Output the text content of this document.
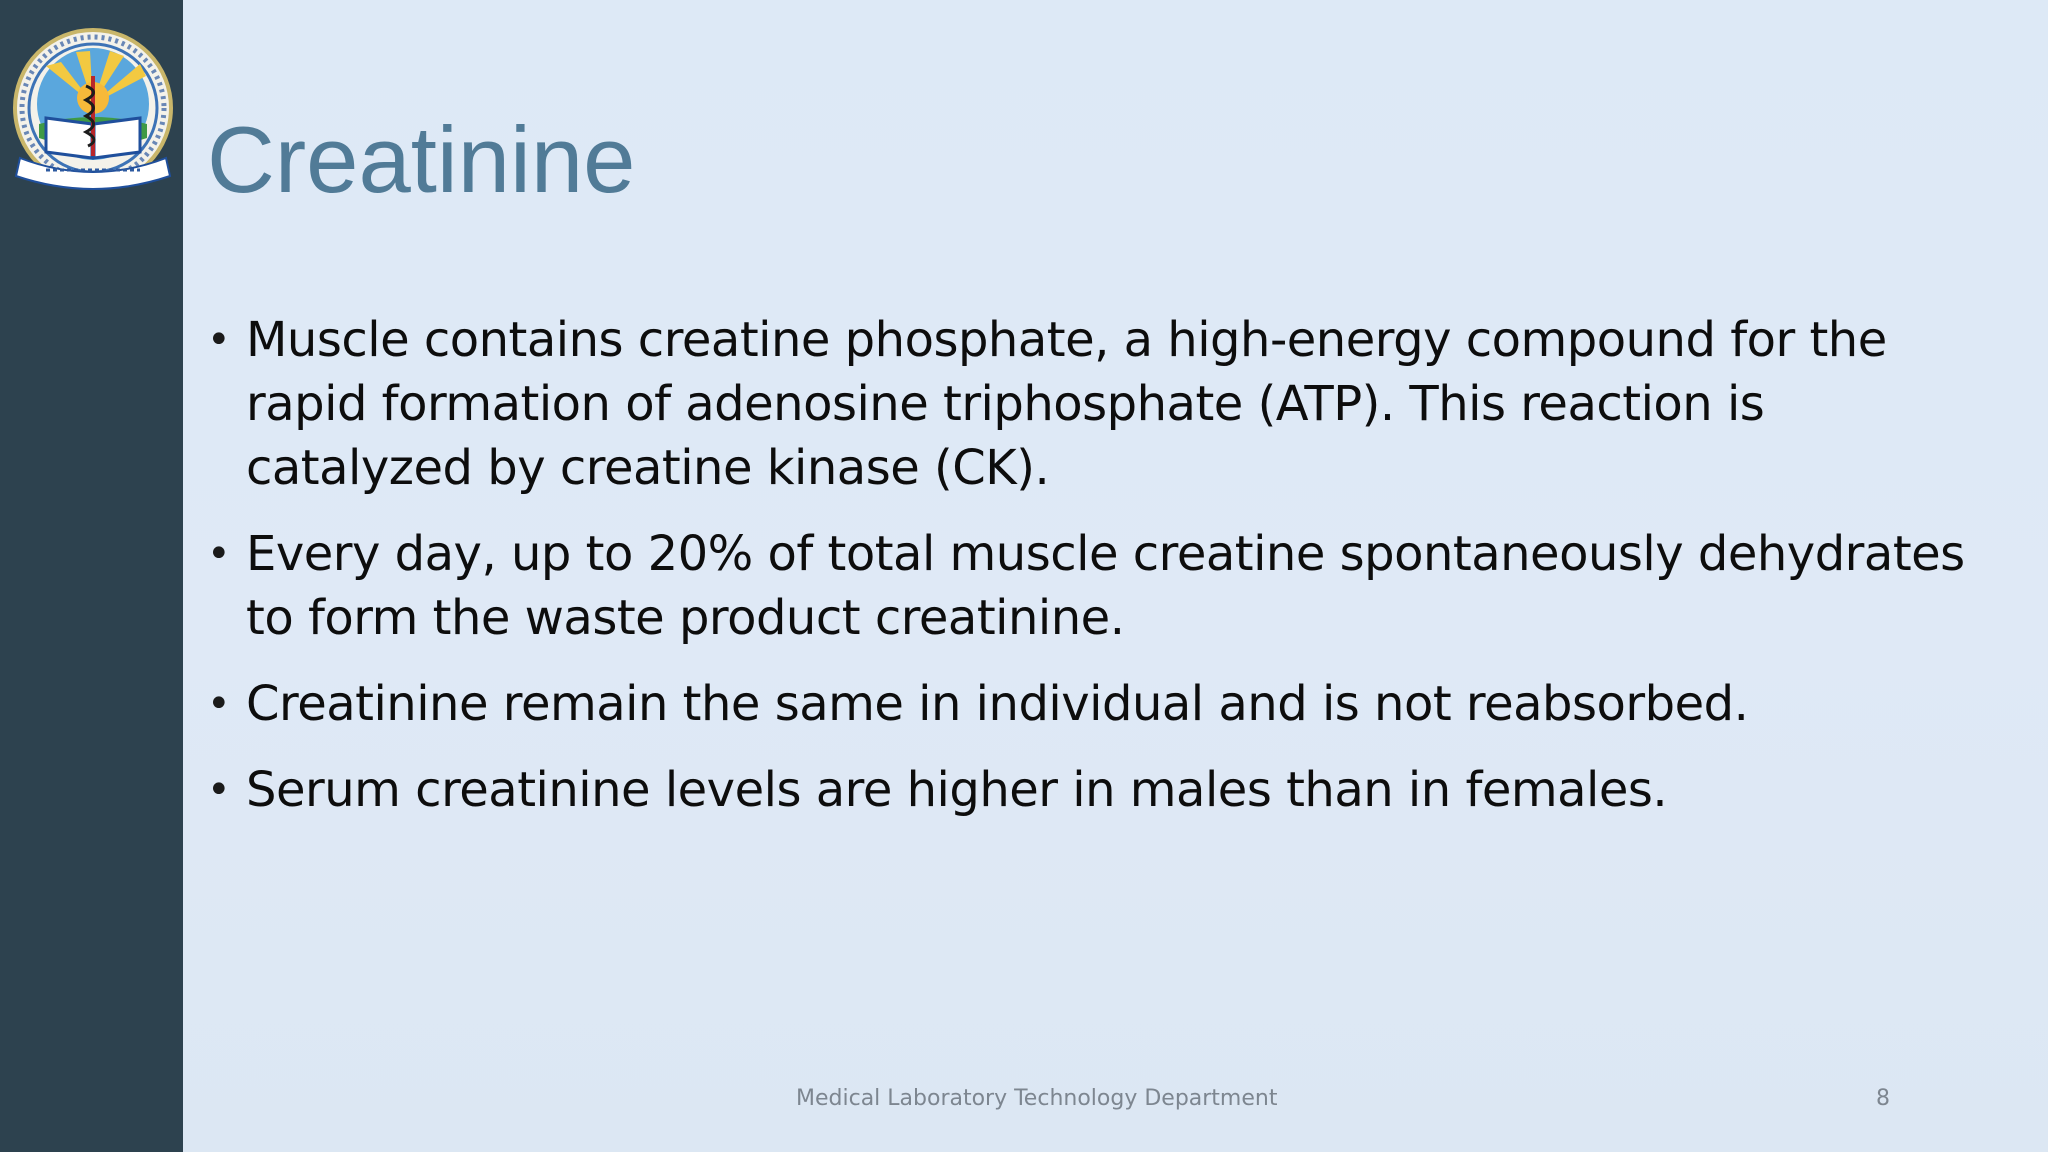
Creatinine
• Muscle contains creatine phosphate, a high-energy compound for the rapid formation of adenosine triphosphate (ATP). This reaction is catalyzed by creatine kinase (CK).
• Every day, up to 20% of total muscle creatine spontaneously dehydrates to form the waste product creatinine.
• Creatinine remain the same in individual and is not reabsorbed.
• Serum creatinine levels are higher in males than in females.
Medical Laboratory Technology Department	8
